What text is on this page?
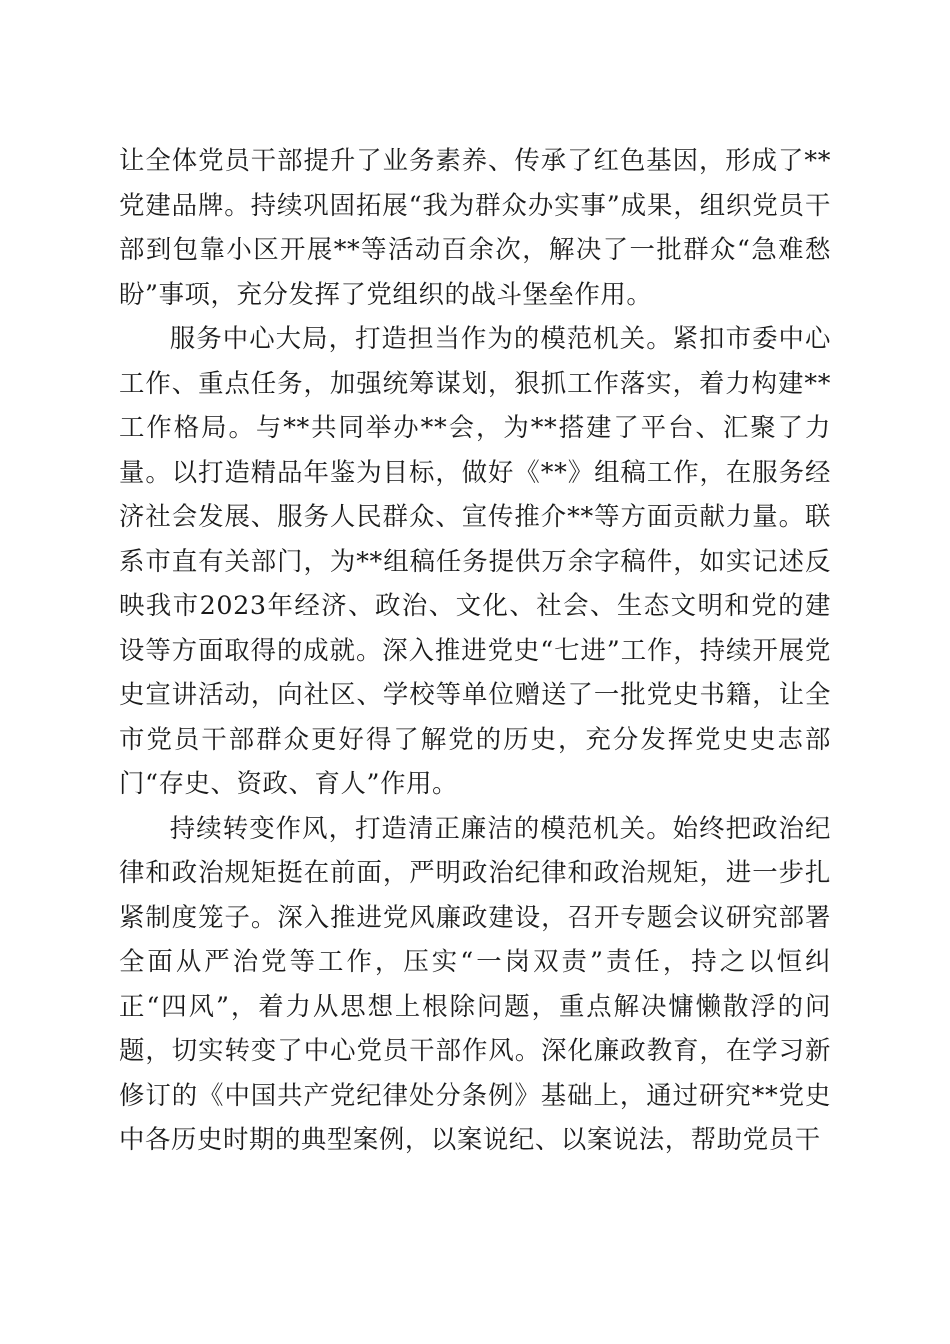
让全体党员干部提升了业务素养、传承了红色基因，形成了**党建品牌。持续巩固拓展“我为群众办实事”成果，组织党员干部到包靠小区开展**等活动百余次，解决了一批群众“急难愁盼”事项，充分发挥了党组织的战斗堡垒作用。

服务中心大局，打造担当作为的模范机关。紧扣市委中心工作、重点任务，加强统筹谋划，狠抓工作落实，着力构建**工作格局。与**共同举办**会，为**搭建了平台、汇聚了力量。以打造精品年鉴为目标，做好《**》组稿工作，在服务经济社会发展、服务人民群众、宣传推介**等方面贡献力量。联系市直有关部门，为**组稿任务提供万余字稿件，如实记述反映我市2023年经济、政治、文化、社会、生态文明和党的建设等方面取得的成就。深入推进党史“七进”工作，持续开展党史宣讲活动，向社区、学校等单位赠送了一批党史书籍，让全市党员干部群众更好得了解党的历史，充分发挥党史史志部门“存史、资政、育人”作用。

持续转变作风，打造清正廉洁的模范机关。始终把政治纪律和政治规矩挺在前面，严明政治纪律和政治规矩，进一步扎紧制度笼子。深入推进党风廉政建设，召开专题会议研究部署全面从严治党等工作，压实“一岗双责”责任，持之以恒纠正“四风”，着力从思想上根除问题，重点解决慵懒散浮的问题，切实转变了中心党员干部作风。深化廉政教育，在学习新修订的《中国共产党纪律处分条例》基础上，通过研究**党史中各历史时期的典型案例，以案说纪、以案说法，帮助党员干
